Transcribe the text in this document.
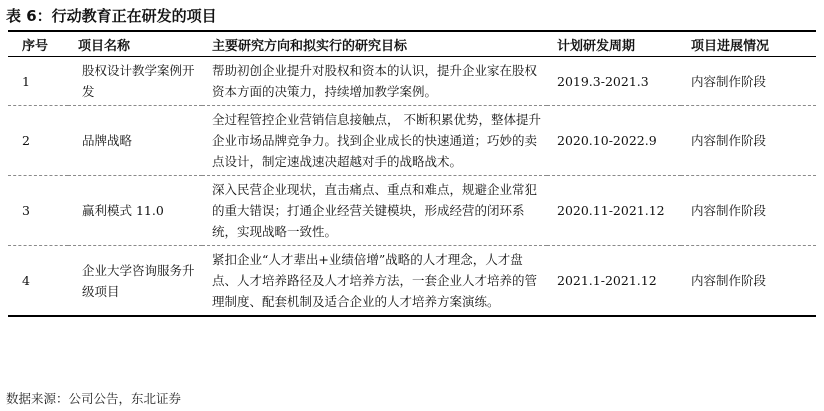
表 6：行动教育正在研发的项目
序号	项目名称	主要研究方向和拟实行的研究目标	计划研发周期	项目进展情况
1	股权设计教学案例开发	帮助初创企业提升对股权和资本的认识，提升企业家在股权资本方面的决策力，持续增加教学案例。	2019.3-2021.3	内容制作阶段
2	品牌战略	全过程管控企业营销信息接触点， 不断积累优势，整体提升企业市场品牌竞争力。找到企业成长的快速通道；巧妙的卖点设计，制定速战速决超越对手的战略战术。	2020.10-2022.9	内容制作阶段
3	赢利模式 11.0	深入民营企业现状，直击痛点、重点和难点，规避企业常犯的重大错误；打通企业经营关键模块，形成经营的闭环系统，实现战略一致性。	2020.11-2021.12	内容制作阶段
4	企业大学咨询服务升级项目	紧扣企业“人才辈出+业绩倍增”战略的人才理念，人才盘点、人才培养路径及人才培养方法，一套企业人才培养的管理制度、配套机制及适合企业的人才培养方案演练。	2021.1-2021.12	内容制作阶段
数据来源：公司公告，东北证券
